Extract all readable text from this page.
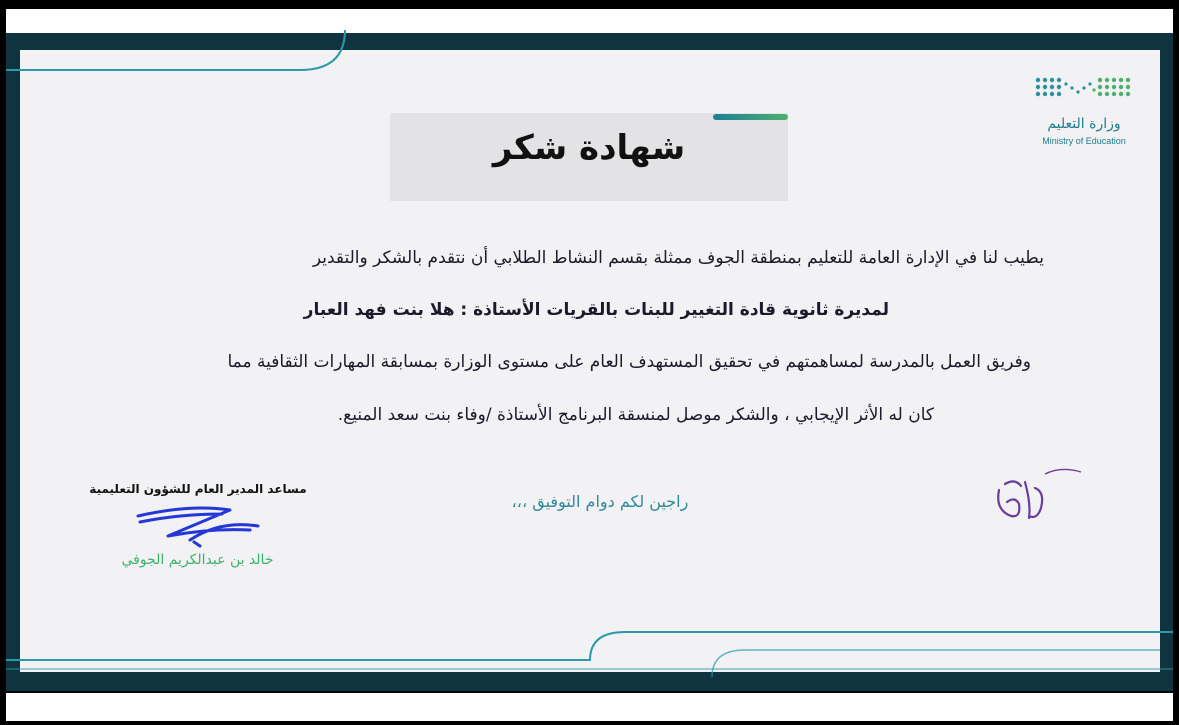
وزارة التعليم
Ministry of Education
شهادة شكر
يطيب لنا في الإدارة العامة للتعليم بمنطقة الجوف ممثلة بقسم النشاط الطلابي أن نتقدم بالشكر والتقدير
لمديرة ثانوية قادة التغيير للبنات بالقريات الأستاذة : هلا بنت فهد العبار
وفريق العمل بالمدرسة لمساهمتهم في تحقيق المستهدف العام على مستوى الوزارة بمسابقة المهارات الثقافية مما
كان له الأثر الإيجابي ، والشكر موصل لمنسقة البرنامج الأستاذة /وفاء بنت سعد المنيع.
راجين لكم دوام التوفيق ،،،
مساعد المدير العام للشؤون التعليمية
خالد بن عبدالكريم الجوفي
